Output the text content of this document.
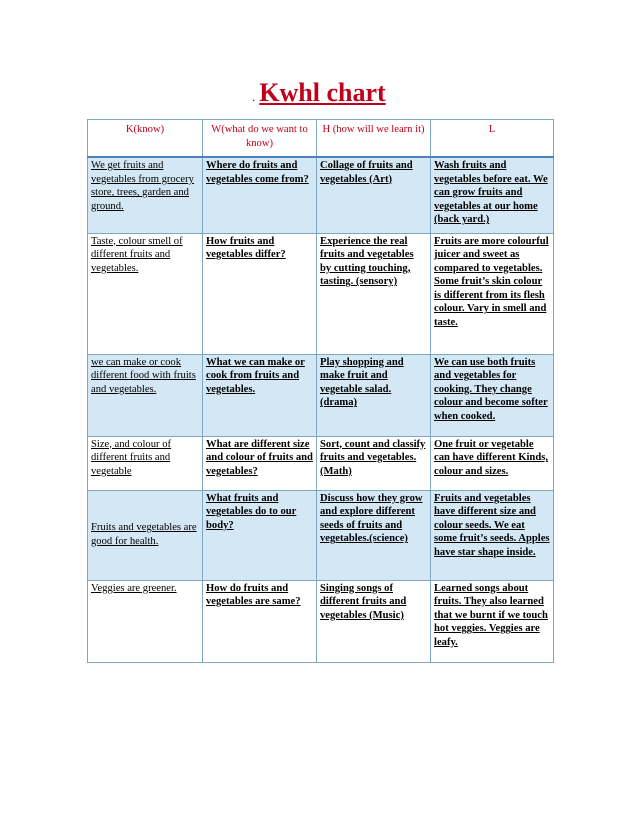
. Kwhl chart
K(know)	W(what do we want to know)	H (how will we learn it)	L
We get fruits and vegetables from grocery store, trees, garden and ground.	Where do fruits and vegetables come from?	Collage of fruits and vegetables (Art)	Wash fruits and vegetables before eat. We can grow fruits and vegetables at our home (back yard.)
Taste, colour smell of different fruits and vegetables.	How fruits and vegetables differ?	Experience the real fruits and vegetables by cutting touching, tasting. (sensory)	Fruits are more colourful juicer and sweet as compared to vegetables. Some fruit’s skin colour is different from its flesh colour. Vary in smell and taste.
we can make or cook different food with fruits and vegetables.	What we can make or cook from fruits and vegetables.	Play shopping and make fruit and vegetable salad. (drama)	We can use both fruits and vegetables for cooking. They change colour and become softer when cooked.
Size, and colour of different fruits and vegetable	What are different size and colour of fruits and vegetables?	Sort, count and classify fruits and vegetables. (Math)	One fruit or vegetable can have different Kinds, colour and sizes.
Fruits and vegetables are good for health.	What fruits and vegetables do to our body?	Discuss how they grow and explore different seeds of fruits and vegetables.(science)	Fruits and vegetables have different size and colour seeds. We eat some fruit’s seeds. Apples have star shape inside.
Veggies are greener.	How do fruits and vegetables are same?	Singing songs of different fruits and vegetables (Music)	Learned songs about fruits. They also learned that we burnt if we touch hot veggies. Veggies are leafy.
